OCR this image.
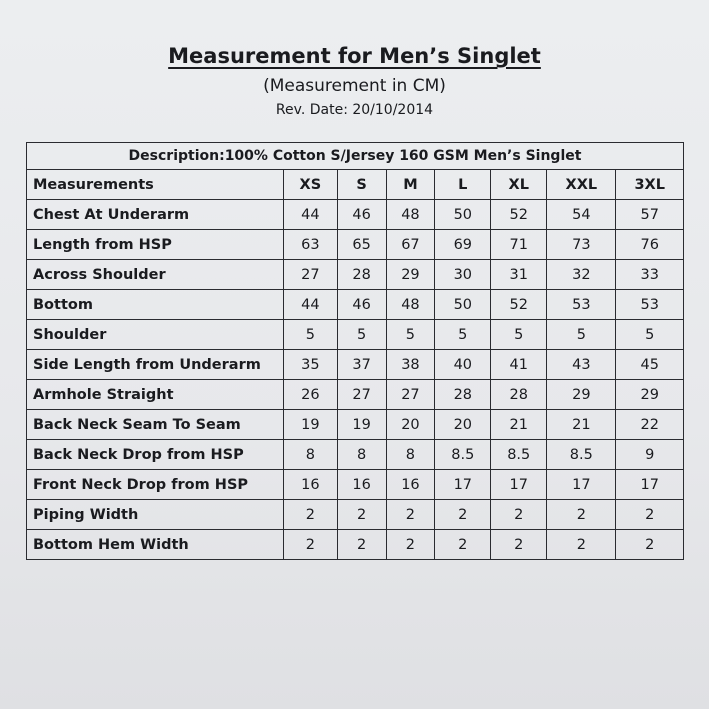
Measurement for Men’s Singlet
(Measurement in CM)
Rev. Date: 20/10/2014
Description:100% Cotton S/Jersey 160 GSM Men’s Singlet							
Measurements	XS	S	M	L	XL	XXL	3XL
Chest At Underarm	44	46	48	50	52	54	57
Length from HSP	63	65	67	69	71	73	76
Across Shoulder	27	28	29	30	31	32	33
Bottom	44	46	48	50	52	53	53
Shoulder	5	5	5	5	5	5	5
Side Length from Underarm	35	37	38	40	41	43	45
Armhole Straight	26	27	27	28	28	29	29
Back Neck Seam To Seam	19	19	20	20	21	21	22
Back Neck Drop from HSP	8	8	8	8.5	8.5	8.5	9
Front Neck Drop from HSP	16	16	16	17	17	17	17
Piping Width	2	2	2	2	2	2	2
Bottom Hem Width	2	2	2	2	2	2	2
